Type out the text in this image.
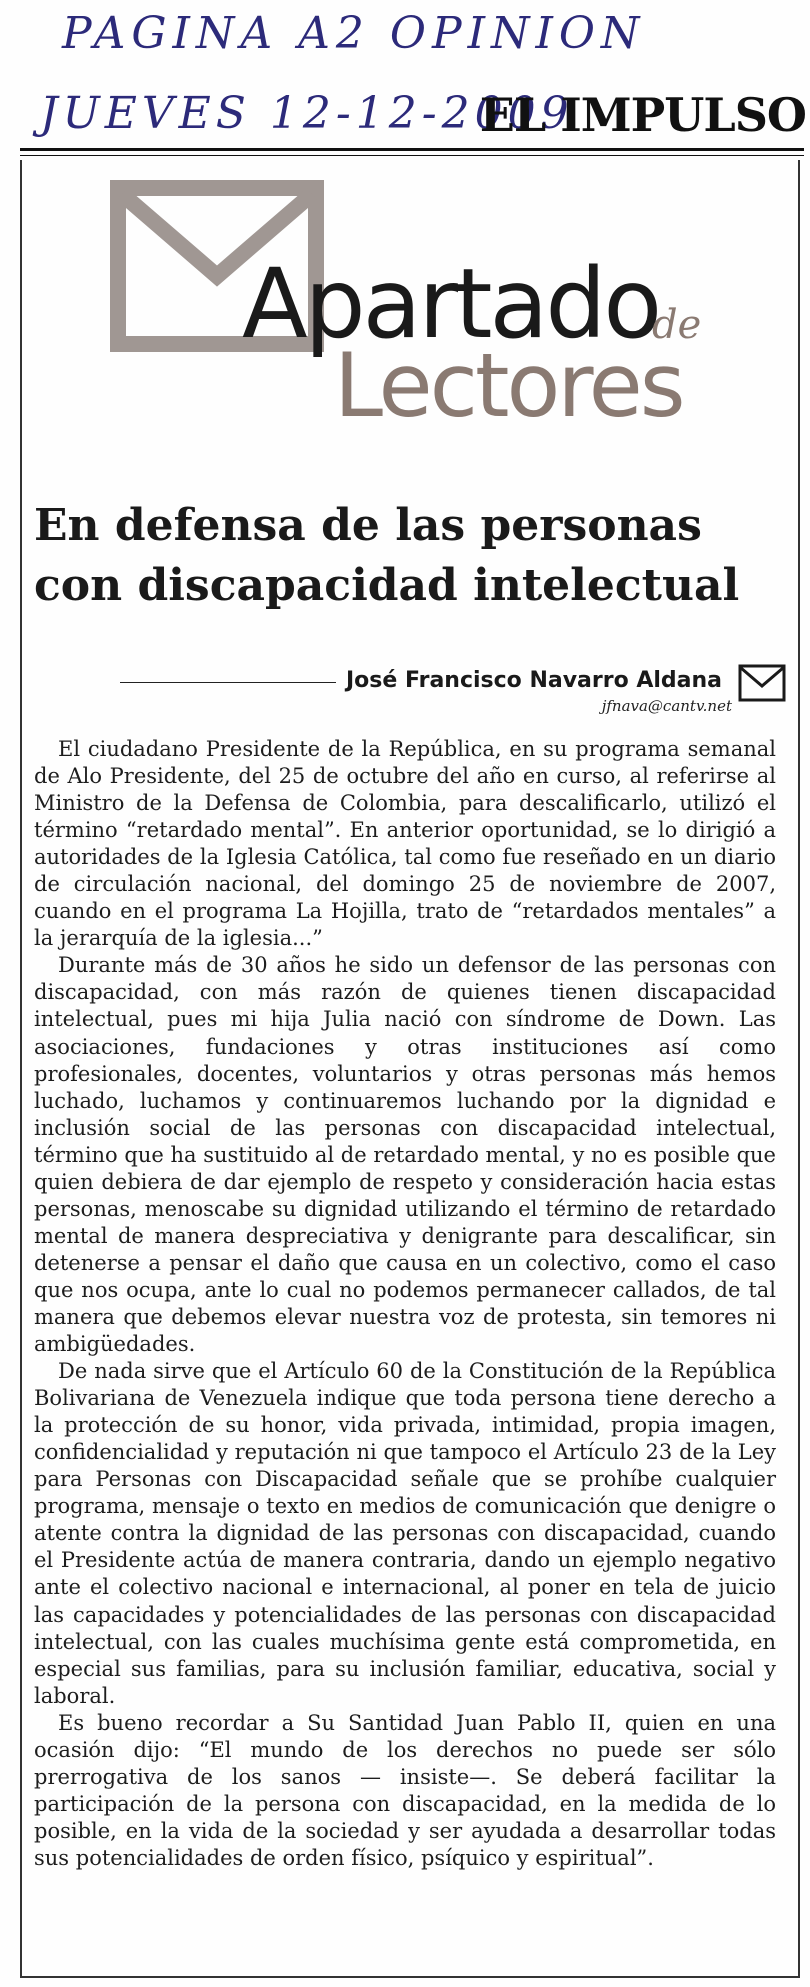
PAGINA A2 OPINION
JUEVES 12-12-2009
EL IMPULSO
Apartado
de
Lectores
En defensa de las personas con discapacidad intelectual
José Francisco Navarro Aldana
jfnava@cantv.net

El ciudadano Presidente de la República, en su programa semanal de Alo Presidente, del 25 de octubre del año en curso, al referirse al Ministro de la Defensa de Colombia, para descalificarlo, utilizó el término “retardado mental”. En anterior oportunidad, se lo dirigió a autoridades de la Iglesia Católica, tal como fue reseñado en un diario de circulación nacional, del domingo 25 de noviembre de 2007, cuando en el programa La Hojilla, trato de “retardados mentales” a la jerarquía de la iglesia...”

Durante más de 30 años he sido un defensor de las personas con discapacidad, con más razón de quienes tienen discapacidad intelectual, pues mi hija Julia nació con síndrome de Down. Las asociaciones, fundaciones y otras instituciones así como profesionales, docentes, voluntarios y otras personas más hemos luchado, luchamos y continuaremos luchando por la dignidad e inclusión social de las personas con discapacidad intelectual, término que ha sustituido al de retardado mental, y no es posible que quien debiera de dar ejemplo de respeto y consideración hacia estas personas, menoscabe su dignidad utilizando el término de retardado mental de manera despreciativa y denigrante para descalificar, sin detenerse a pensar el daño que causa en un colectivo, como el caso que nos ocupa, ante lo cual no podemos permanecer callados, de tal manera que debemos elevar nuestra voz de protesta, sin temores ni ambigüedades.

De nada sirve que el Artículo 60 de la Constitución de la República Bolivariana de Venezuela indique que toda persona tiene derecho a la protección de su honor, vida privada, intimidad, propia imagen, confidencialidad y reputación ni que tampoco el Artículo 23 de la Ley para Personas con Discapacidad señale que se prohíbe cualquier programa, mensaje o texto en medios de comunicación que denigre o atente contra la dignidad de las personas con discapacidad, cuando el Presidente actúa de manera contraria, dando un ejemplo negativo ante el colectivo nacional e internacional, al poner en tela de juicio las capacidades y potencialidades de las personas con discapacidad intelectual, con las cuales muchísima gente está comprometida, en especial sus familias, para su inclusión familiar, educativa, social y laboral.

Es bueno recordar a Su Santidad Juan Pablo II, quien en una ocasión dijo: “El mundo de los derechos no puede ser sólo prerrogativa de los sanos — insiste—. Se deberá facilitar la participación de la persona con discapacidad, en la medida de lo posible, en la vida de la sociedad y ser ayudada a desarrollar todas sus potencialidades de orden físico, psíquico y espiritual”.
